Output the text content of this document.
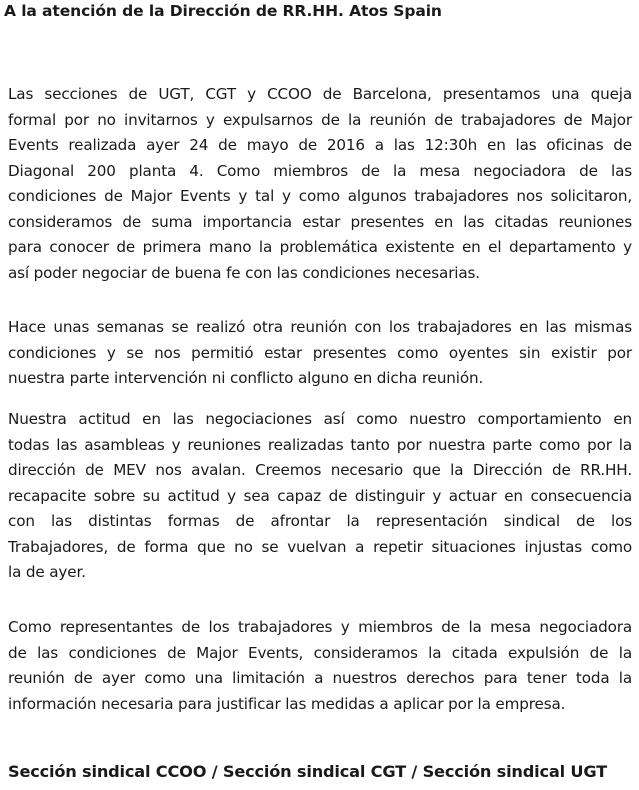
A la atención de la Dirección de RR.HH. Atos Spain
Las secciones de UGT, CGT y CCOO de Barcelona, presentamos una queja
formal por no invitarnos y expulsarnos de la reunión de trabajadores de Major
Events realizada ayer 24 de mayo de 2016 a las 12:30h en las oficinas de
Diagonal 200 planta 4. Como miembros de la mesa negociadora de las
condiciones de Major Events y tal y como algunos trabajadores nos solicitaron,
consideramos de suma importancia estar presentes en las citadas reuniones
para conocer de primera mano la problemática existente en el departamento y
así poder negociar de buena fe con las condiciones necesarias.
Hace unas semanas se realizó otra reunión con los trabajadores en las mismas
condiciones y se nos permitió estar presentes como oyentes sin existir por
nuestra parte intervención ni conflicto alguno en dicha reunión.
Nuestra actitud en las negociaciones así como nuestro comportamiento en
todas las asambleas y reuniones realizadas tanto por nuestra parte como por la
dirección de MEV nos avalan. Creemos necesario que la Dirección de RR.HH.
recapacite sobre su actitud y sea capaz de distinguir y actuar en consecuencia
con las distintas formas de afrontar la representación sindical de los
Trabajadores, de forma que no se vuelvan a repetir situaciones injustas como
la de ayer.
Como representantes de los trabajadores y miembros de la mesa negociadora
de las condiciones de Major Events, consideramos la citada expulsión de la
reunión de ayer como una limitación a nuestros derechos para tener toda la
información necesaria para justificar las medidas a aplicar por la empresa.
Sección sindical CCOO / Sección sindical CGT / Sección sindical UGT
